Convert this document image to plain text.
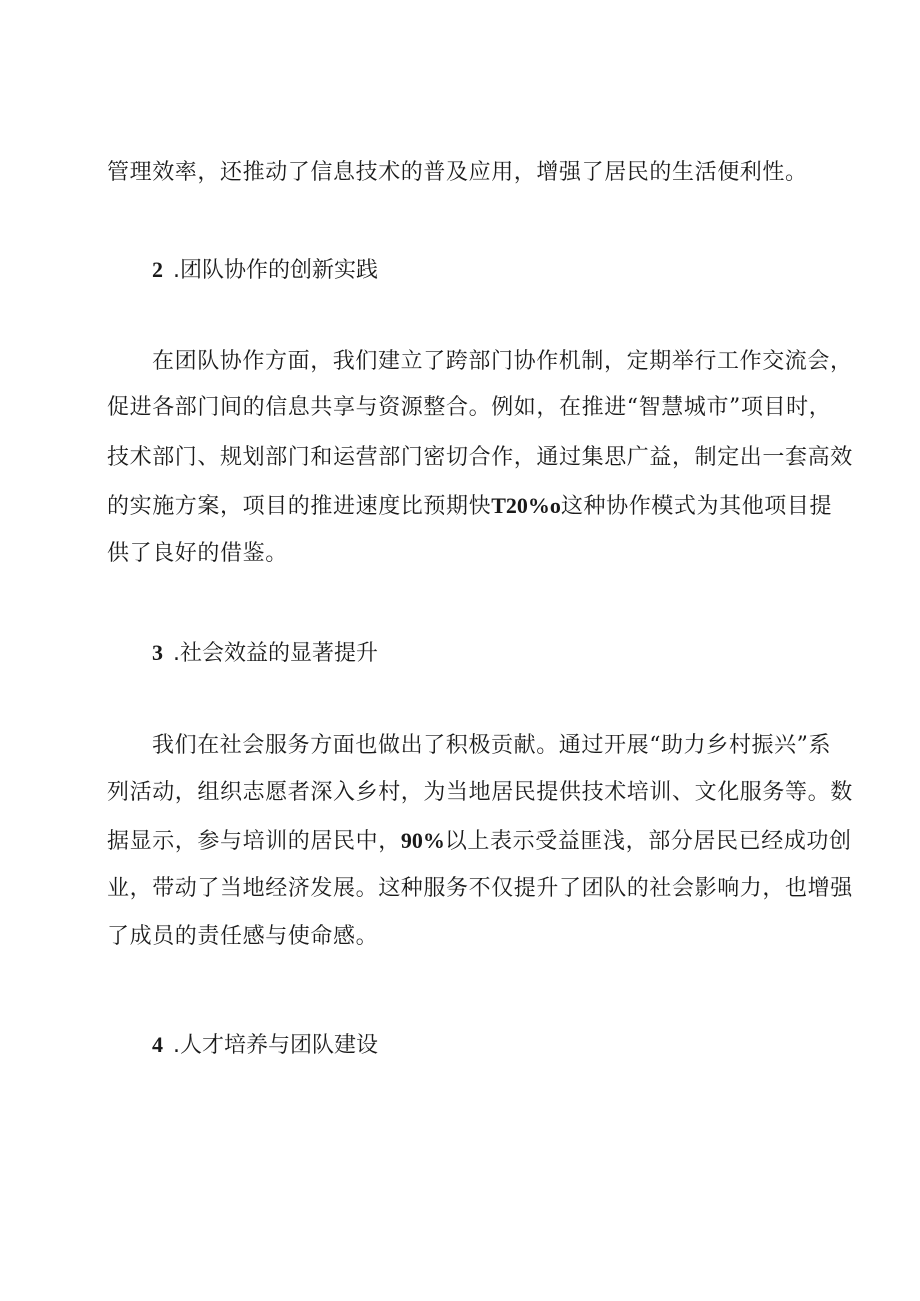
管理效率，还推动了信息技术的普及应用，增强了居民的生活便利性。
2 .团队协作的创新实践
在团队协作方面，我们建立了跨部门协作机制，定期举行工作交流会，
促进各部门间的信息共享与资源整合。例如，在推进“智慧城市”项目时，
技术部门、规划部门和运营部门密切合作，通过集思广益，制定出一套高效
的实施方案，项目的推进速度比预期快T20%o这种协作模式为其他项目提
供了良好的借鉴。
3 .社会效益的显著提升
我们在社会服务方面也做出了积极贡献。通过开展“助力乡村振兴”系
列活动，组织志愿者深入乡村，为当地居民提供技术培训、文化服务等。数
据显示，参与培训的居民中，90%以上表示受益匪浅，部分居民已经成功创
业，带动了当地经济发展。这种服务不仅提升了团队的社会影响力，也增强
了成员的责任感与使命感。
4 .人才培养与团队建设
